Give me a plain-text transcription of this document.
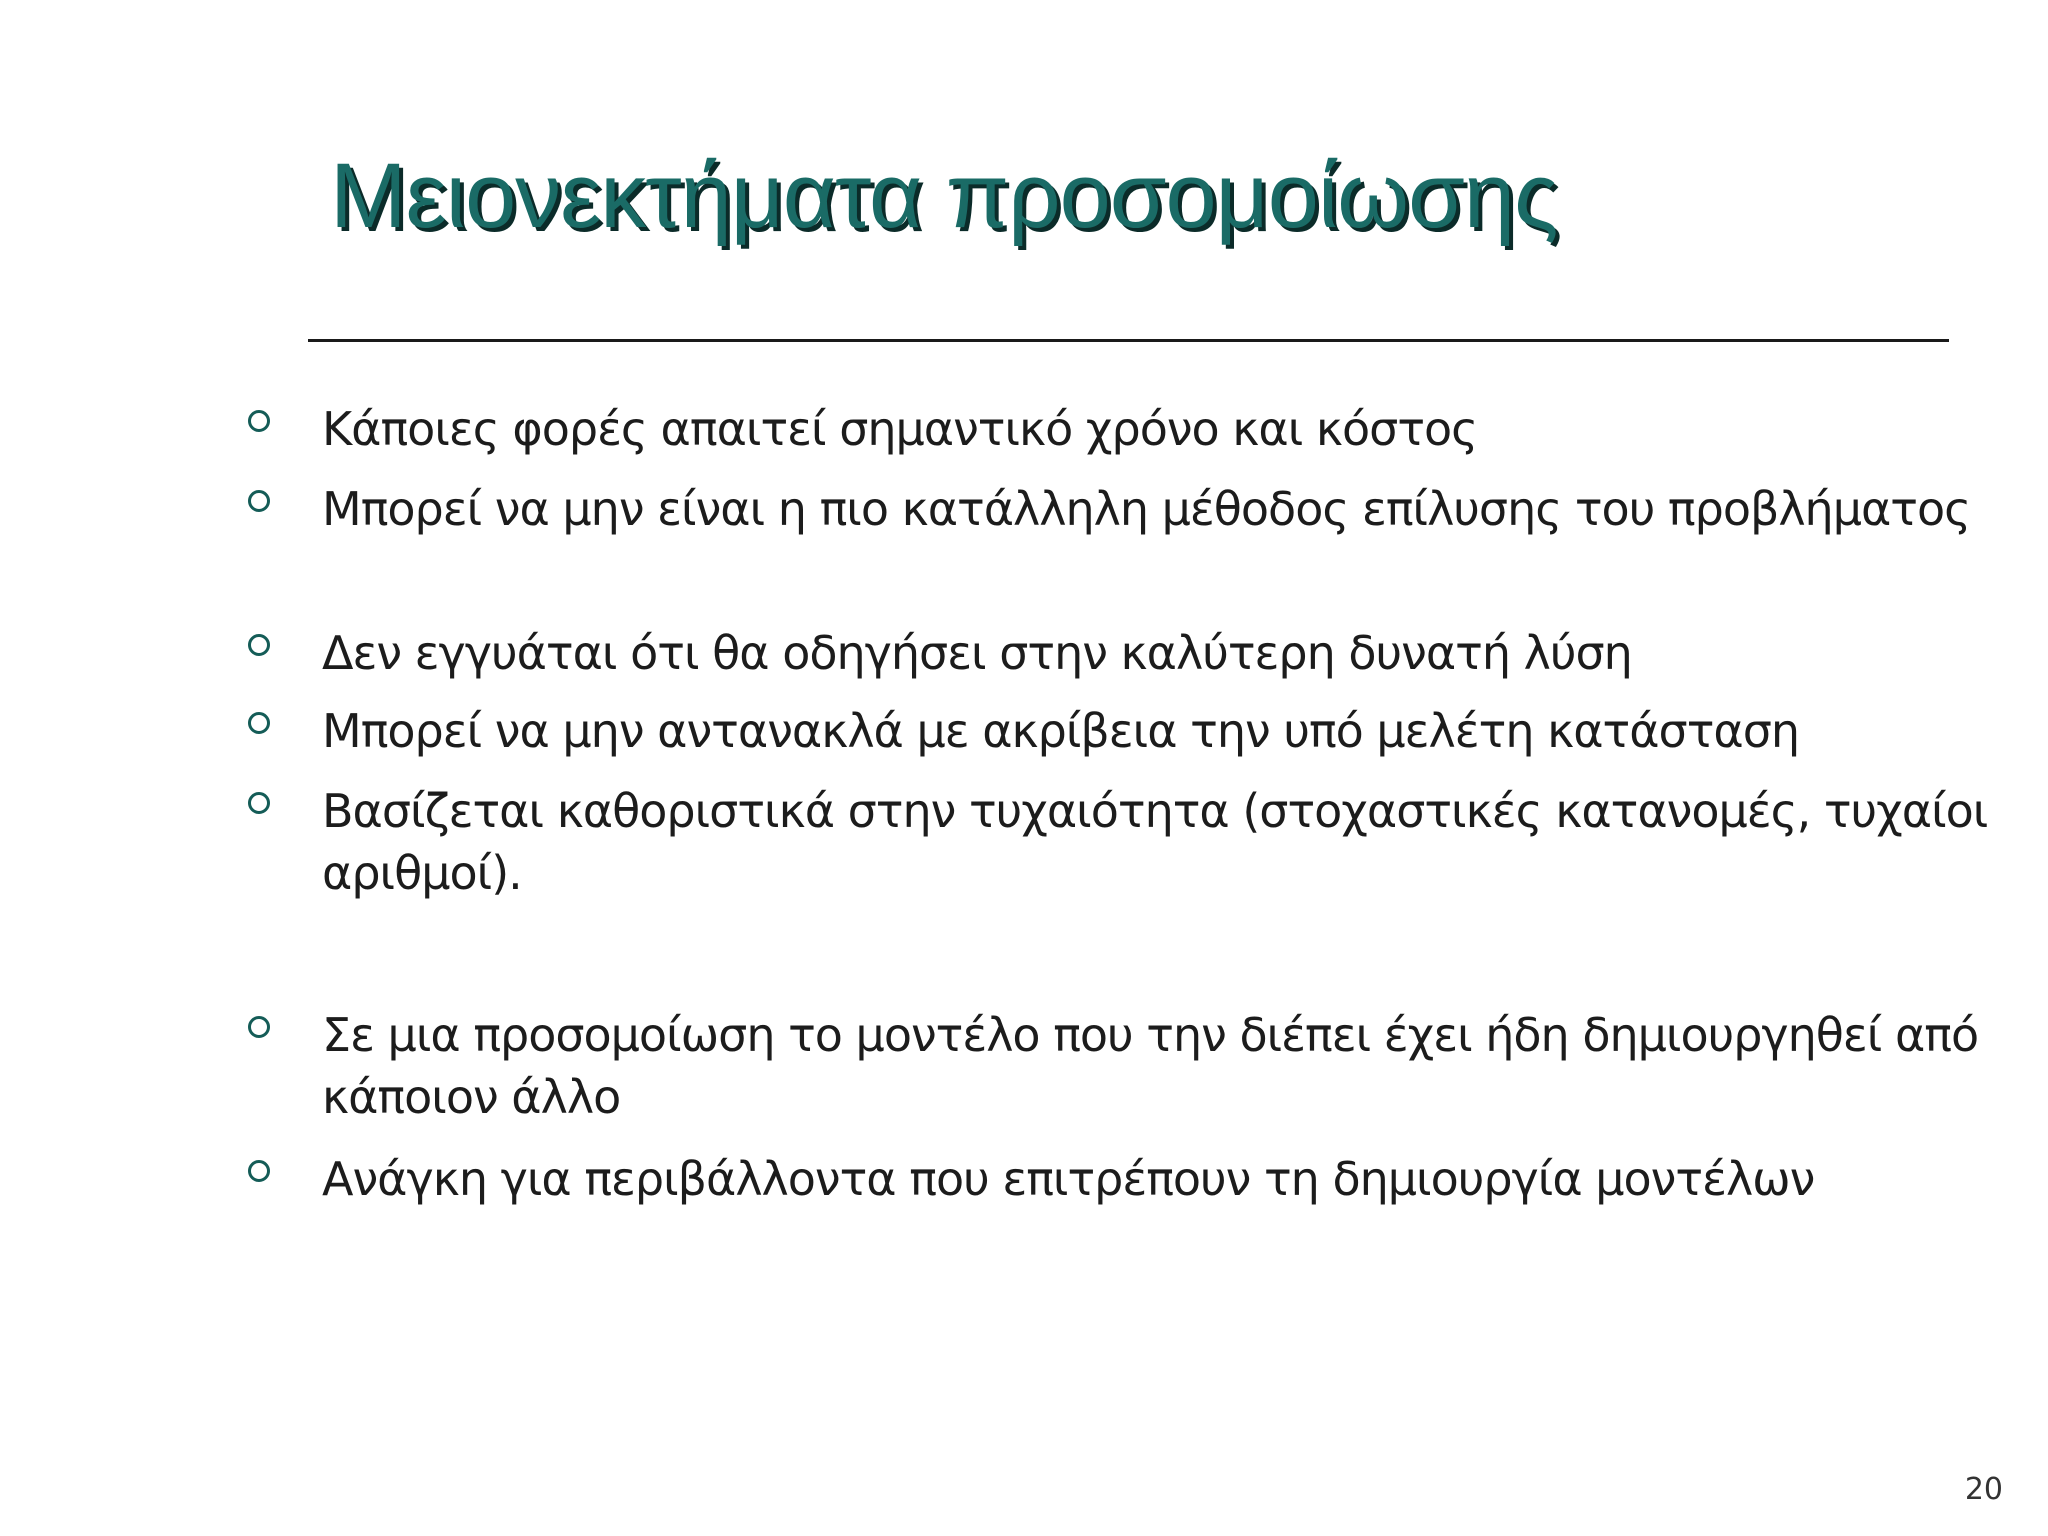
Μειονεκτήματα προσομοίωσης
Κάποιες φορές απαιτεί σημαντικό χρόνο και κόστος
Μπορεί να μην είναι η πιο κατάλληλη μέθοδος επίλυσης του προβλήματος
Δεν εγγυάται ότι θα οδηγήσει στην καλύτερη δυνατή λύση
Μπορεί να μην αντανακλά με ακρίβεια την υπό μελέτη κατάσταση
Βασίζεται καθοριστικά στην τυχαιότητα (στοχαστικές κατανομές, τυχαίοι αριθμοί).
Σε μια προσομοίωση το μοντέλο που την διέπει έχει ήδη δημιουργηθεί από κάποιον άλλο
Ανάγκη για περιβάλλοντα που επιτρέπουν τη δημιουργία μοντέλων
20
